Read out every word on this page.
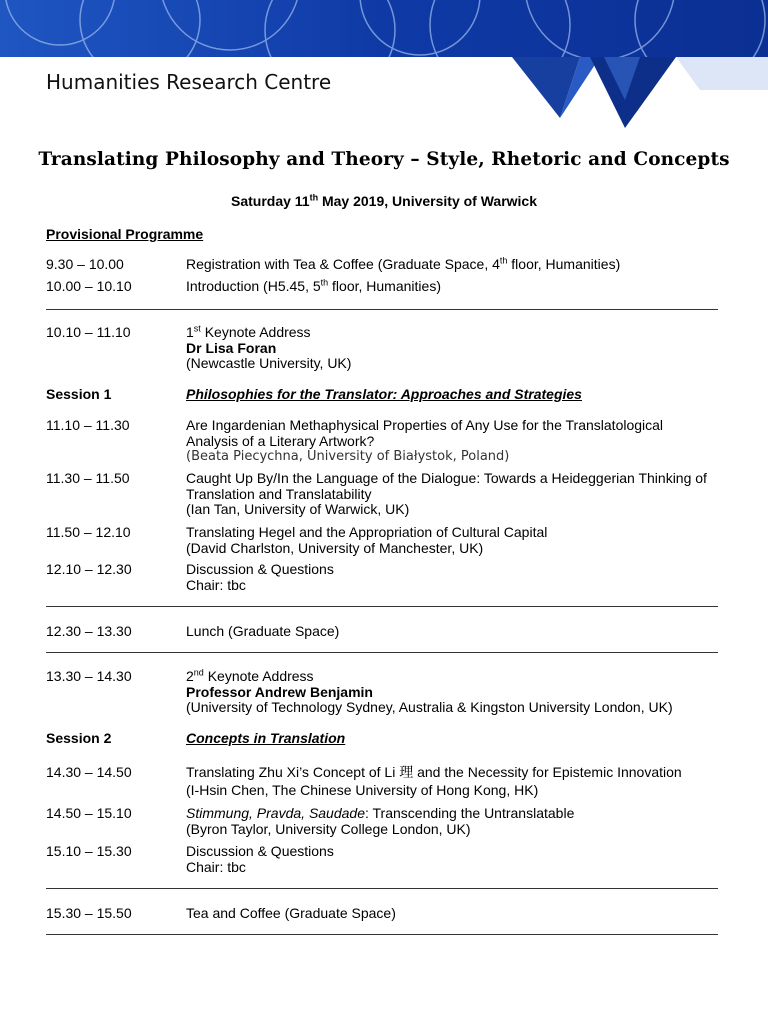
Humanities Research Centre
Translating Philosophy and Theory – Style, Rhetoric and Concepts
Saturday 11th May 2019, University of Warwick
Provisional Programme
9.30 – 10.00	Registration with Tea & Coffee (Graduate Space, 4th floor, Humanities)
10.00 – 10.10	Introduction (H5.45, 5th floor, Humanities)
10.10 – 11.10	1st Keynote Address
Dr Lisa Foran
(Newcastle University, UK)
Session 1	Philosophies for the Translator: Approaches and Strategies
11.10 – 11.30	Are Ingardenian Methaphysical Properties of Any Use for the Translatological
Analysis of a Literary Artwork?
(Beata Piecychna, University of Białystok, Poland)
11.30 – 11.50	Caught Up By/In the Language of the Dialogue: Towards a Heideggerian Thinking of
Translation and Translatability
(Ian Tan, University of Warwick, UK)
11.50 – 12.10	Translating Hegel and the Appropriation of Cultural Capital
(David Charlston, University of Manchester, UK)
12.10 – 12.30	Discussion & Questions
Chair: tbc
12.30 – 13.30	Lunch (Graduate Space)
13.30 – 14.30	2nd Keynote Address
Professor Andrew Benjamin
(University of Technology Sydney, Australia & Kingston University London, UK)
Session 2	Concepts in Translation
14.30 – 14.50	Translating Zhu Xi’s Concept of Li 理 and the Necessity for Epistemic Innovation
(I-Hsin Chen, The Chinese University of Hong Kong, HK)
14.50 – 15.10	Stimmung, Pravda, Saudade: Transcending the Untranslatable
(Byron Taylor, University College London, UK)
15.10 – 15.30	Discussion & Questions
Chair: tbc
15.30 – 15.50	Tea and Coffee (Graduate Space)
